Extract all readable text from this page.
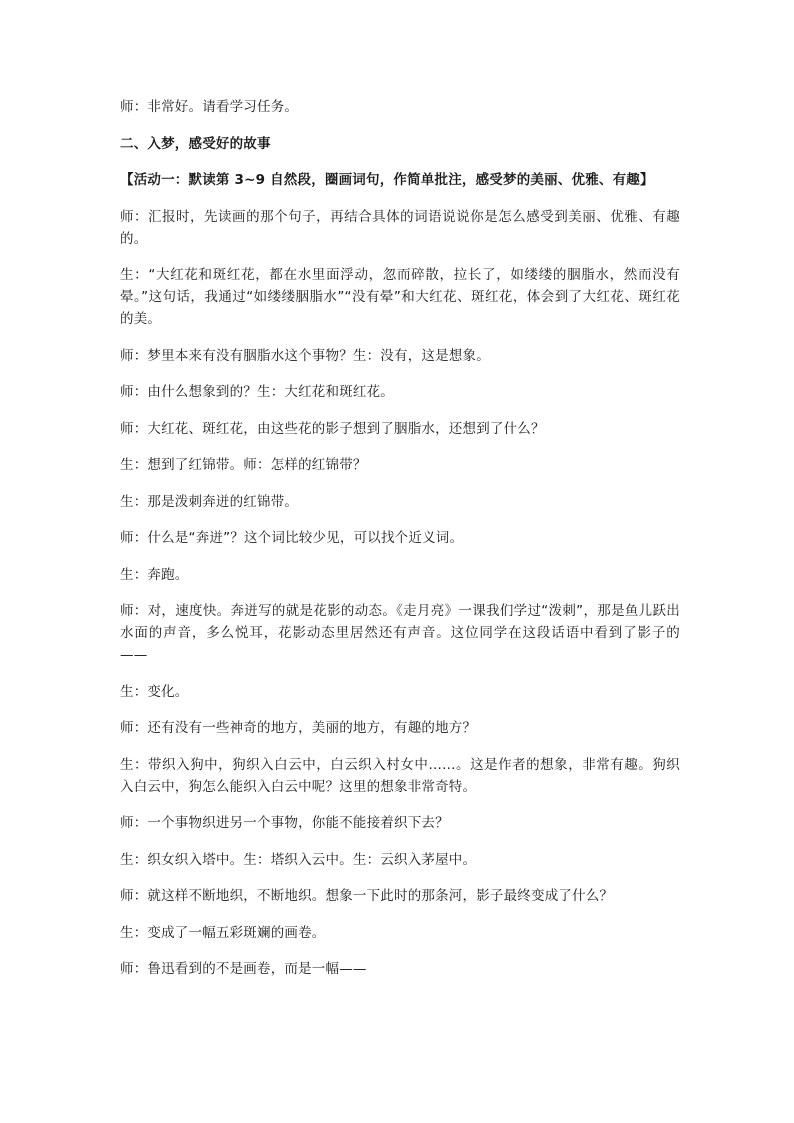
师：非常好。请看学习任务。

二、入梦，感受好的故事

【活动一：默读第 3~9 自然段，圈画词句，作简单批注，感受梦的美丽、优雅、有趣】

师：汇报时，先读画的那个句子，再结合具体的词语说说你是怎么感受到美丽、优雅、有趣的。

生：“大红花和斑红花，都在水里面浮动，忽而碎散，拉长了，如缕缕的胭脂水，然而没有晕。”这句话，我通过“如缕缕胭脂水”“没有晕”和大红花、斑红花，体会到了大红花、斑红花的美。

师：梦里本来有没有胭脂水这个事物？生：没有，这是想象。

师：由什么想象到的？生：大红花和斑红花。

师：大红花、斑红花，由这些花的影子想到了胭脂水，还想到了什么？

生：想到了红锦带。师：怎样的红锦带？

生：那是泼刺奔迸的红锦带。

师：什么是“奔迸”？这个词比较少见，可以找个近义词。

生：奔跑。

师：对，速度快。奔迸写的就是花影的动态。《走月亮》一课我们学过“泼刺”，那是鱼儿跃出水面的声音，多么悦耳，花影动态里居然还有声音。这位同学在这段话语中看到了影子的——

生：变化。

师：还有没有一些神奇的地方，美丽的地方，有趣的地方？

生：带织入狗中，狗织入白云中，白云织入村女中……。这是作者的想象，非常有趣。狗织入白云中，狗怎么能织入白云中呢？这里的想象非常奇特。

师：一个事物织进另一个事物，你能不能接着织下去？

生：织女织入塔中。生：塔织入云中。生：云织入茅屋中。

师：就这样不断地织，不断地织。想象一下此时的那条河，影子最终变成了什么？

生：变成了一幅五彩斑斓的画卷。

师：鲁迅看到的不是画卷，而是一幅——
